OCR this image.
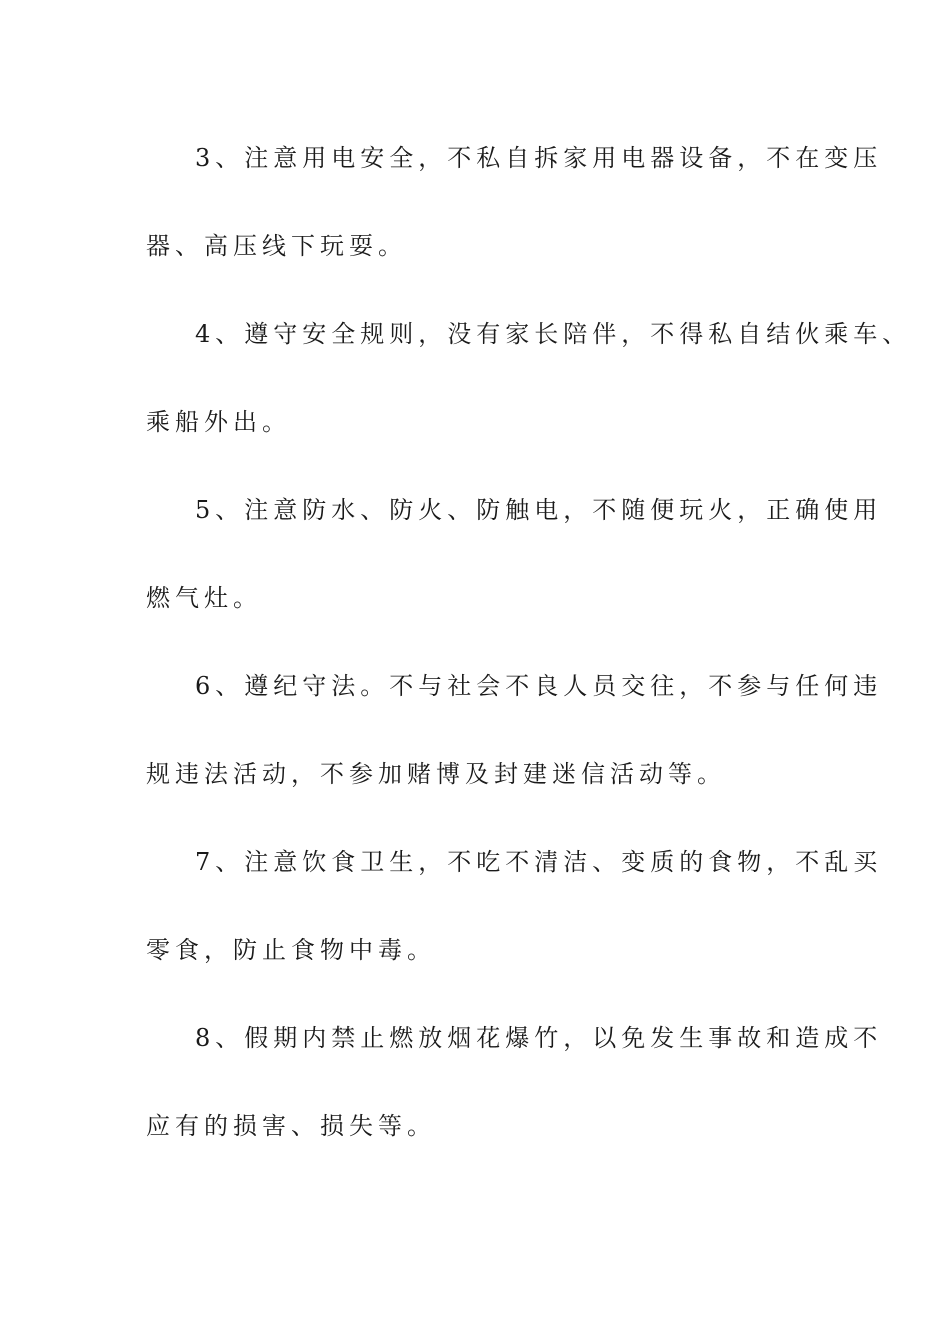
3、注意用电安全，不私自拆家用电器设备，不在变压
器、高压线下玩耍。
4、遵守安全规则，没有家长陪伴，不得私自结伙乘车、
乘船外出。
5、注意防水、防火、防触电，不随便玩火，正确使用
燃气灶。
6、遵纪守法。不与社会不良人员交往，不参与任何违
规违法活动，不参加赌博及封建迷信活动等。
7、注意饮食卫生，不吃不清洁、变质的食物，不乱买
零食，防止食物中毒。
8、假期内禁止燃放烟花爆竹，以免发生事故和造成不
应有的损害、损失等。
